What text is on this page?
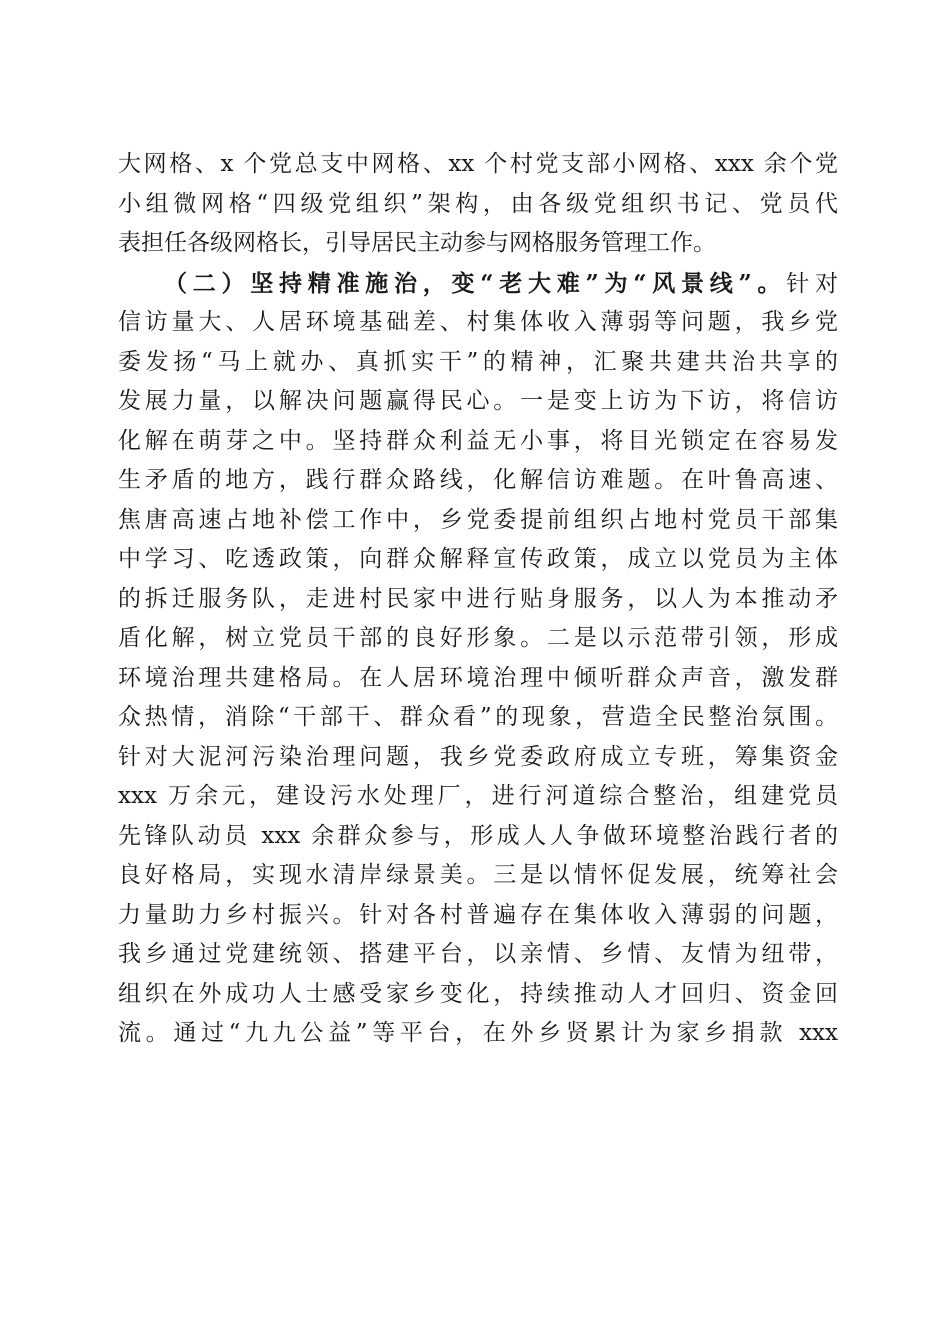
大网格、x 个党总支中网格、xx 个村党支部小网格、xxx 余个党
小组微网格“四级党组织”架构，由各级党组织书记、党员代
表担任各级网格长，引导居民主动参与网格服务管理工作。
（二）坚持精准施治，变“老大难”为“风景线”。针对
信访量大、人居环境基础差、村集体收入薄弱等问题，我乡党
委发扬“马上就办、真抓实干”的精神，汇聚共建共治共享的
发展力量，以解决问题赢得民心。一是变上访为下访，将信访
化解在萌芽之中。坚持群众利益无小事，将目光锁定在容易发
生矛盾的地方，践行群众路线，化解信访难题。在叶鲁高速、
焦唐高速占地补偿工作中，乡党委提前组织占地村党员干部集
中学习、吃透政策，向群众解释宣传政策，成立以党员为主体
的拆迁服务队，走进村民家中进行贴身服务，以人为本推动矛
盾化解，树立党员干部的良好形象。二是以示范带引领，形成
环境治理共建格局。在人居环境治理中倾听群众声音，激发群
众热情，消除“干部干、群众看”的现象，营造全民整治氛围。
针对大泥河污染治理问题，我乡党委政府成立专班，筹集资金
xxx 万余元，建设污水处理厂，进行河道综合整治，组建党员
先锋队动员 xxx 余群众参与，形成人人争做环境整治践行者的
良好格局，实现水清岸绿景美。三是以情怀促发展，统筹社会
力量助力乡村振兴。针对各村普遍存在集体收入薄弱的问题，
我乡通过党建统领、搭建平台，以亲情、乡情、友情为纽带，
组织在外成功人士感受家乡变化，持续推动人才回归、资金回
流。通过“九九公益”等平台，在外乡贤累计为家乡捐款 xxx
